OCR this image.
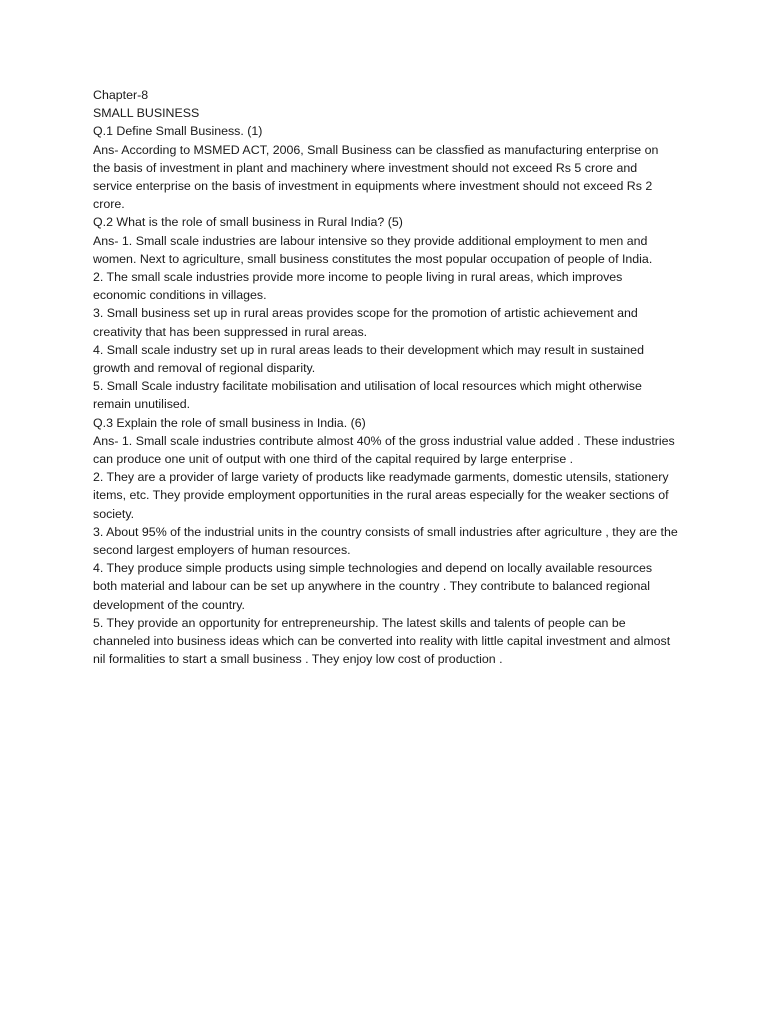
Chapter-8

SMALL BUSINESS

Q.1 Define Small Business. (1)

Ans- According to MSMED ACT, 2006, Small Business can be classfied as manufacturing enterprise on the basis of investment in plant and machinery where investment should not exceed Rs 5 crore and service enterprise on the basis of investment in equipments where investment should not exceed Rs 2 crore.

Q.2 What is the role of small business in Rural India? (5)

Ans- 1. Small scale industries are labour intensive so they provide additional employment to men and women. Next to agriculture, small business constitutes the most popular occupation of people of India.

2. The small scale industries provide more income to people living in rural areas, which improves economic conditions in villages.

3. Small business set up in rural areas provides scope for the promotion of artistic achievement and creativity that has been suppressed in rural areas.

4. Small scale industry set up in rural areas leads to their development which may result in sustained growth and removal of regional disparity.

5. Small Scale industry facilitate mobilisation and utilisation of local resources which might otherwise remain unutilised.

Q.3 Explain the role of small business in India. (6)

Ans- 1. Small scale industries contribute almost 40% of the gross industrial value added . These industries can produce one unit of output with one third of the capital required by large enterprise .

2. They are a provider of large variety of products like readymade garments, domestic utensils, stationery items, etc. They provide employment opportunities in the rural areas especially for the weaker sections of society.

3. About 95% of the industrial units in the country consists of small industries after agriculture , they are the second largest employers of human resources.

4. They produce simple products using simple technologies and depend on locally available resources both material and labour can be set up anywhere in the country . They contribute to balanced regional development of the country.

5. They provide an opportunity for entrepreneurship. The latest skills and talents of people can be channeled into business ideas which can be converted into reality with little capital investment and almost nil formalities to start a small business . They enjoy low cost of production .
